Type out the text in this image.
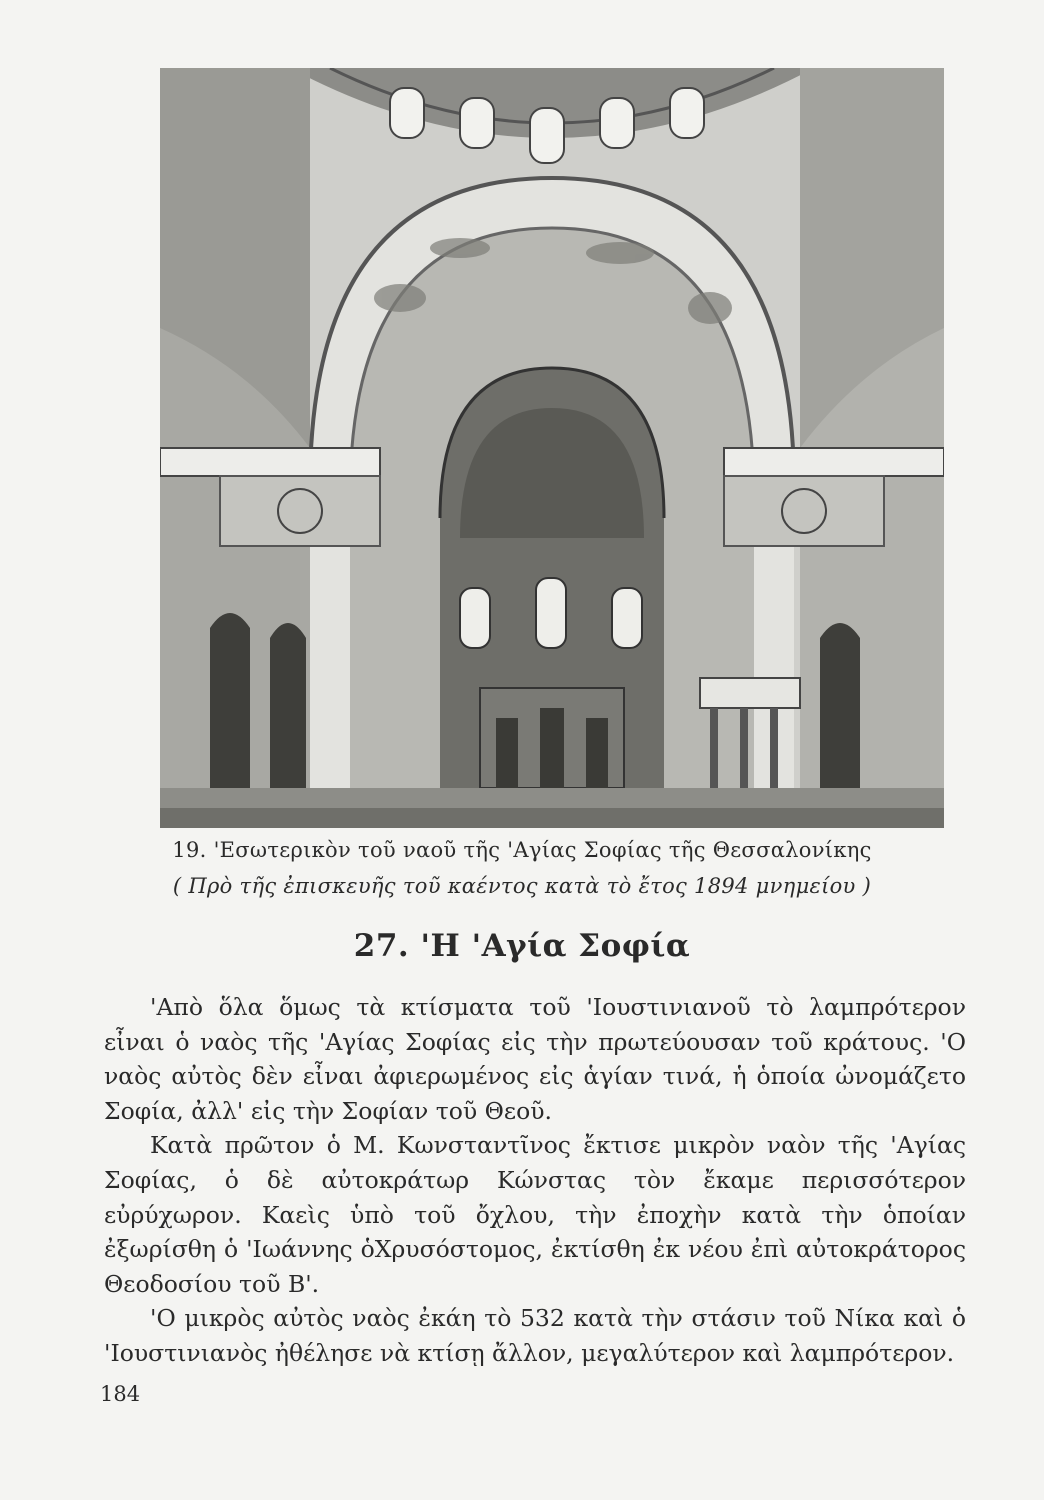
19. 'Εσωτερικὸν τοῦ ναοῦ τῆς 'Αγίας Σοφίας τῆς Θεσσαλονίκης
( Πρὸ τῆς ἐπισκευῆς τοῦ καέντος κατὰ τὸ ἔτος 1894 μνημείου )
27. 'Η 'Αγία Σοφία

'Απὸ ὅλα ὅμως τὰ κτίσματα τοῦ 'Ιουστινιανοῦ τὸ λαμπρότερον εἶναι ὁ ναὸς τῆς 'Αγίας Σοφίας εἰς τὴν πρωτεύουσαν τοῦ κράτους. 'Ο ναὸς αὐτὸς δὲν εἶναι ἀφιερωμένος εἰς ἁγίαν τινά, ἡ ὁποία ὠνομάζετο Σοφία, ἀλλ' εἰς τὴν Σοφίαν τοῦ Θεοῦ.

Κατὰ πρῶτον ὁ Μ. Κωνσταντῖνος ἔκτισε μικρὸν ναὸν τῆς 'Αγίας Σοφίας, ὁ δὲ αὐτοκράτωρ Κώνστας τὸν ἔκαμε περισσότερον εὐρύχωρον. Καεὶς ὑπὸ τοῦ ὄχλου, τὴν ἐποχὴν κατὰ τὴν ὁποίαν ἐξωρίσθη ὁ 'Ιωάννης ὁΧρυσόστομος, ἐκτίσθη ἐκ νέου ἐπὶ αὐτοκράτορος Θεοδοσίου τοῦ Β'.

'Ο μικρὸς αὐτὸς ναὸς ἐκάη τὸ 532 κατὰ τὴν στάσιν τοῦ Νίκα καὶ ὁ 'Ιουστινιανὸς ἠθέλησε νὰ κτίσῃ ἄλλον, μεγαλύτερον καὶ λαμπρότερον.

184
